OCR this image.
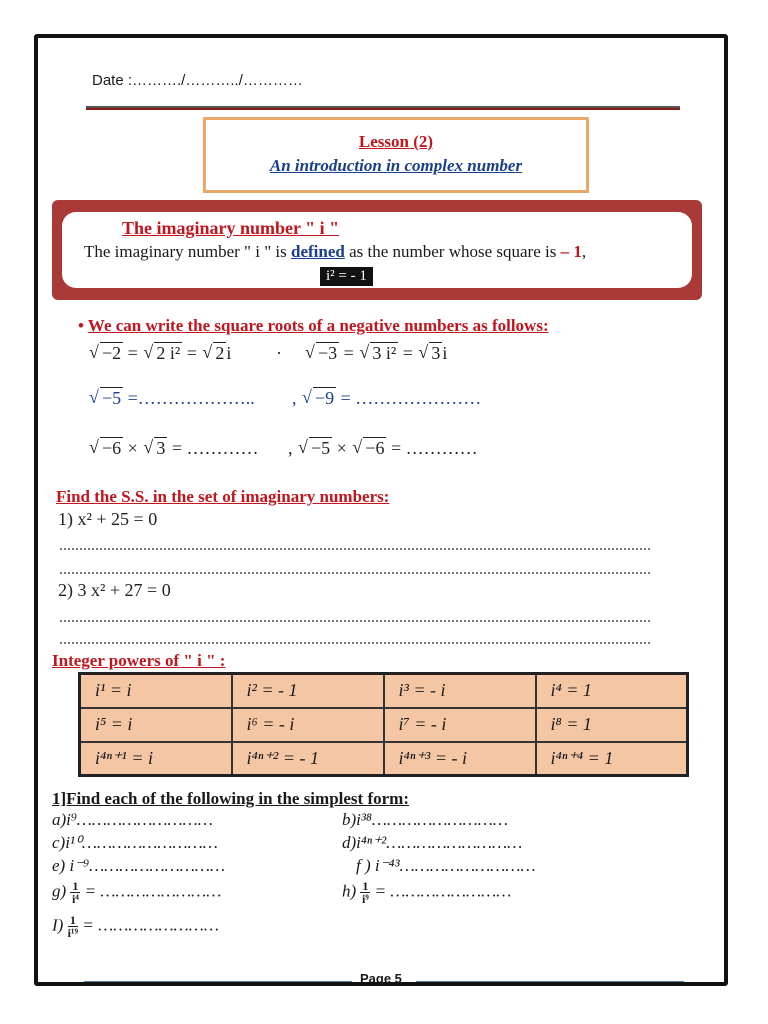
Date :………./………../…………
Lesson (2)
An introduction in complex number
The imaginary number " i "
The imaginary number " i " is defined as the number whose square is – 1,
i² = - 1
• We can write the square roots of a negative numbers as follows:
√ −2 = √ 2 i² = √ 2 i ·	√ −3 = √ 3 i² = √ 3 i
√ −5 =……………….. , √ −9 = …………………
√ −6 × √ 3 = ………… , √ −5 × √ −6 = …………
Find the S.S. in the set of imaginary numbers:
1) x² + 25 = 0
2) 3 x² + 27 = 0
Integer powers of " i " :
i¹ = i	i² = - 1	i³ = - i	i⁴ = 1
i⁵ = i	i⁶ = - i	i⁷ = - i	i⁸ = 1
i⁴ⁿ⁺¹ = i	i⁴ⁿ⁺² = - 1	i⁴ⁿ⁺³ = - i	i⁴ⁿ⁺⁴ = 1
1]Find each of the following in the simplest form:
a)i⁹………………………	b)i³⁸………………………
c)i¹⁰………………………	d)i⁴ⁿ⁺²………………………
e) i⁻⁹………………………	f ) i⁻⁴³………………………
$g) \frac{1}{\text{i⁴}}$ = ……………………	$h) \frac{1}{\text{i⁹}}$ = ……………………
$I) \frac{1}{\text{i¹⁹}}$ = ……………………
Page 5
